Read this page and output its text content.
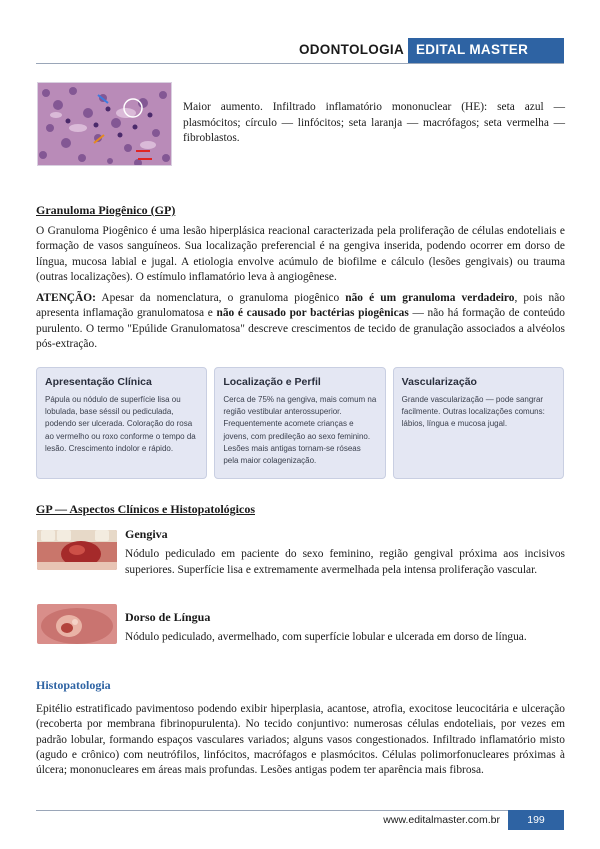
ODONTOLOGIA EDITAL MASTER
Maior aumento. Infiltrado inflamatório mononuclear (HE): seta azul — plasmócitos; círculo — linfócitos; seta laranja — macrófagos; seta vermelha — fibroblastos.
Granuloma Piogênico (GP)
O Granuloma Piogênico é uma lesão hiperplásica reacional caracterizada pela proliferação de células endoteliais e formação de vasos sanguíneos. Sua localização preferencial é na gengiva inserida, podendo ocorrer em dorso de língua, mucosa labial e jugal. A etiologia envolve acúmulo de biofilme e cálculo (lesões gengivais) ou trauma (outras localizações). O estímulo inflamatório leva à angiogênese.
ATENÇÃO: Apesar da nomenclatura, o granuloma piogênico não é um granuloma verdadeiro, pois não apresenta inflamação granulomatosa e não é causado por bactérias piogênicas — não há formação de conteúdo purulento. O termo "Epúlide Granulomatosa" descreve crescimentos de tecido de granulação associados a alvéolos pós-extração.
Apresentação Clínica
Pápula ou nódulo de superfície lisa ou lobulada, base séssil ou pediculada, podendo ser ulcerada. Coloração do rosa ao vermelho ou roxo conforme o tempo da lesão. Crescimento indolor e rápido.
Localização e Perfil
Cerca de 75% na gengiva, mais comum na região vestibular anterossuperior. Frequentemente acomete crianças e jovens, com predileção ao sexo feminino. Lesões mais antigas tornam-se róseas pela maior colagenização.
Vascularização
Grande vascularização — pode sangrar facilmente. Outras localizações comuns: lábios, língua e mucosa jugal.
GP — Aspectos Clínicos e Histopatológicos
Gengiva
Nódulo pediculado em paciente do sexo feminino, região gengival próxima aos incisivos superiores. Superfície lisa e extremamente avermelhada pela intensa proliferação vascular.
Dorso de Língua
Nódulo pediculado, avermelhado, com superfície lobular e ulcerada em dorso de língua.
Histopatologia
Epitélio estratificado pavimentoso podendo exibir hiperplasia, acantose, atrofia, exocitose leucocitária e ulceração (recoberta por membrana fibrinopurulenta). No tecido conjuntivo: numerosas células endoteliais, por vezes em padrão lobular, formando espaços vasculares variados; alguns vasos congestionados. Infiltrado inflamatório misto (agudo e crônico) com neutrófilos, linfócitos, macrófagos e plasmócitos. Células polimorfonucleares próximas à úlcera; mononucleares em áreas mais profundas. Lesões antigas podem ter aparência mais fibrosa.
www.editalmaster.com.br	199
